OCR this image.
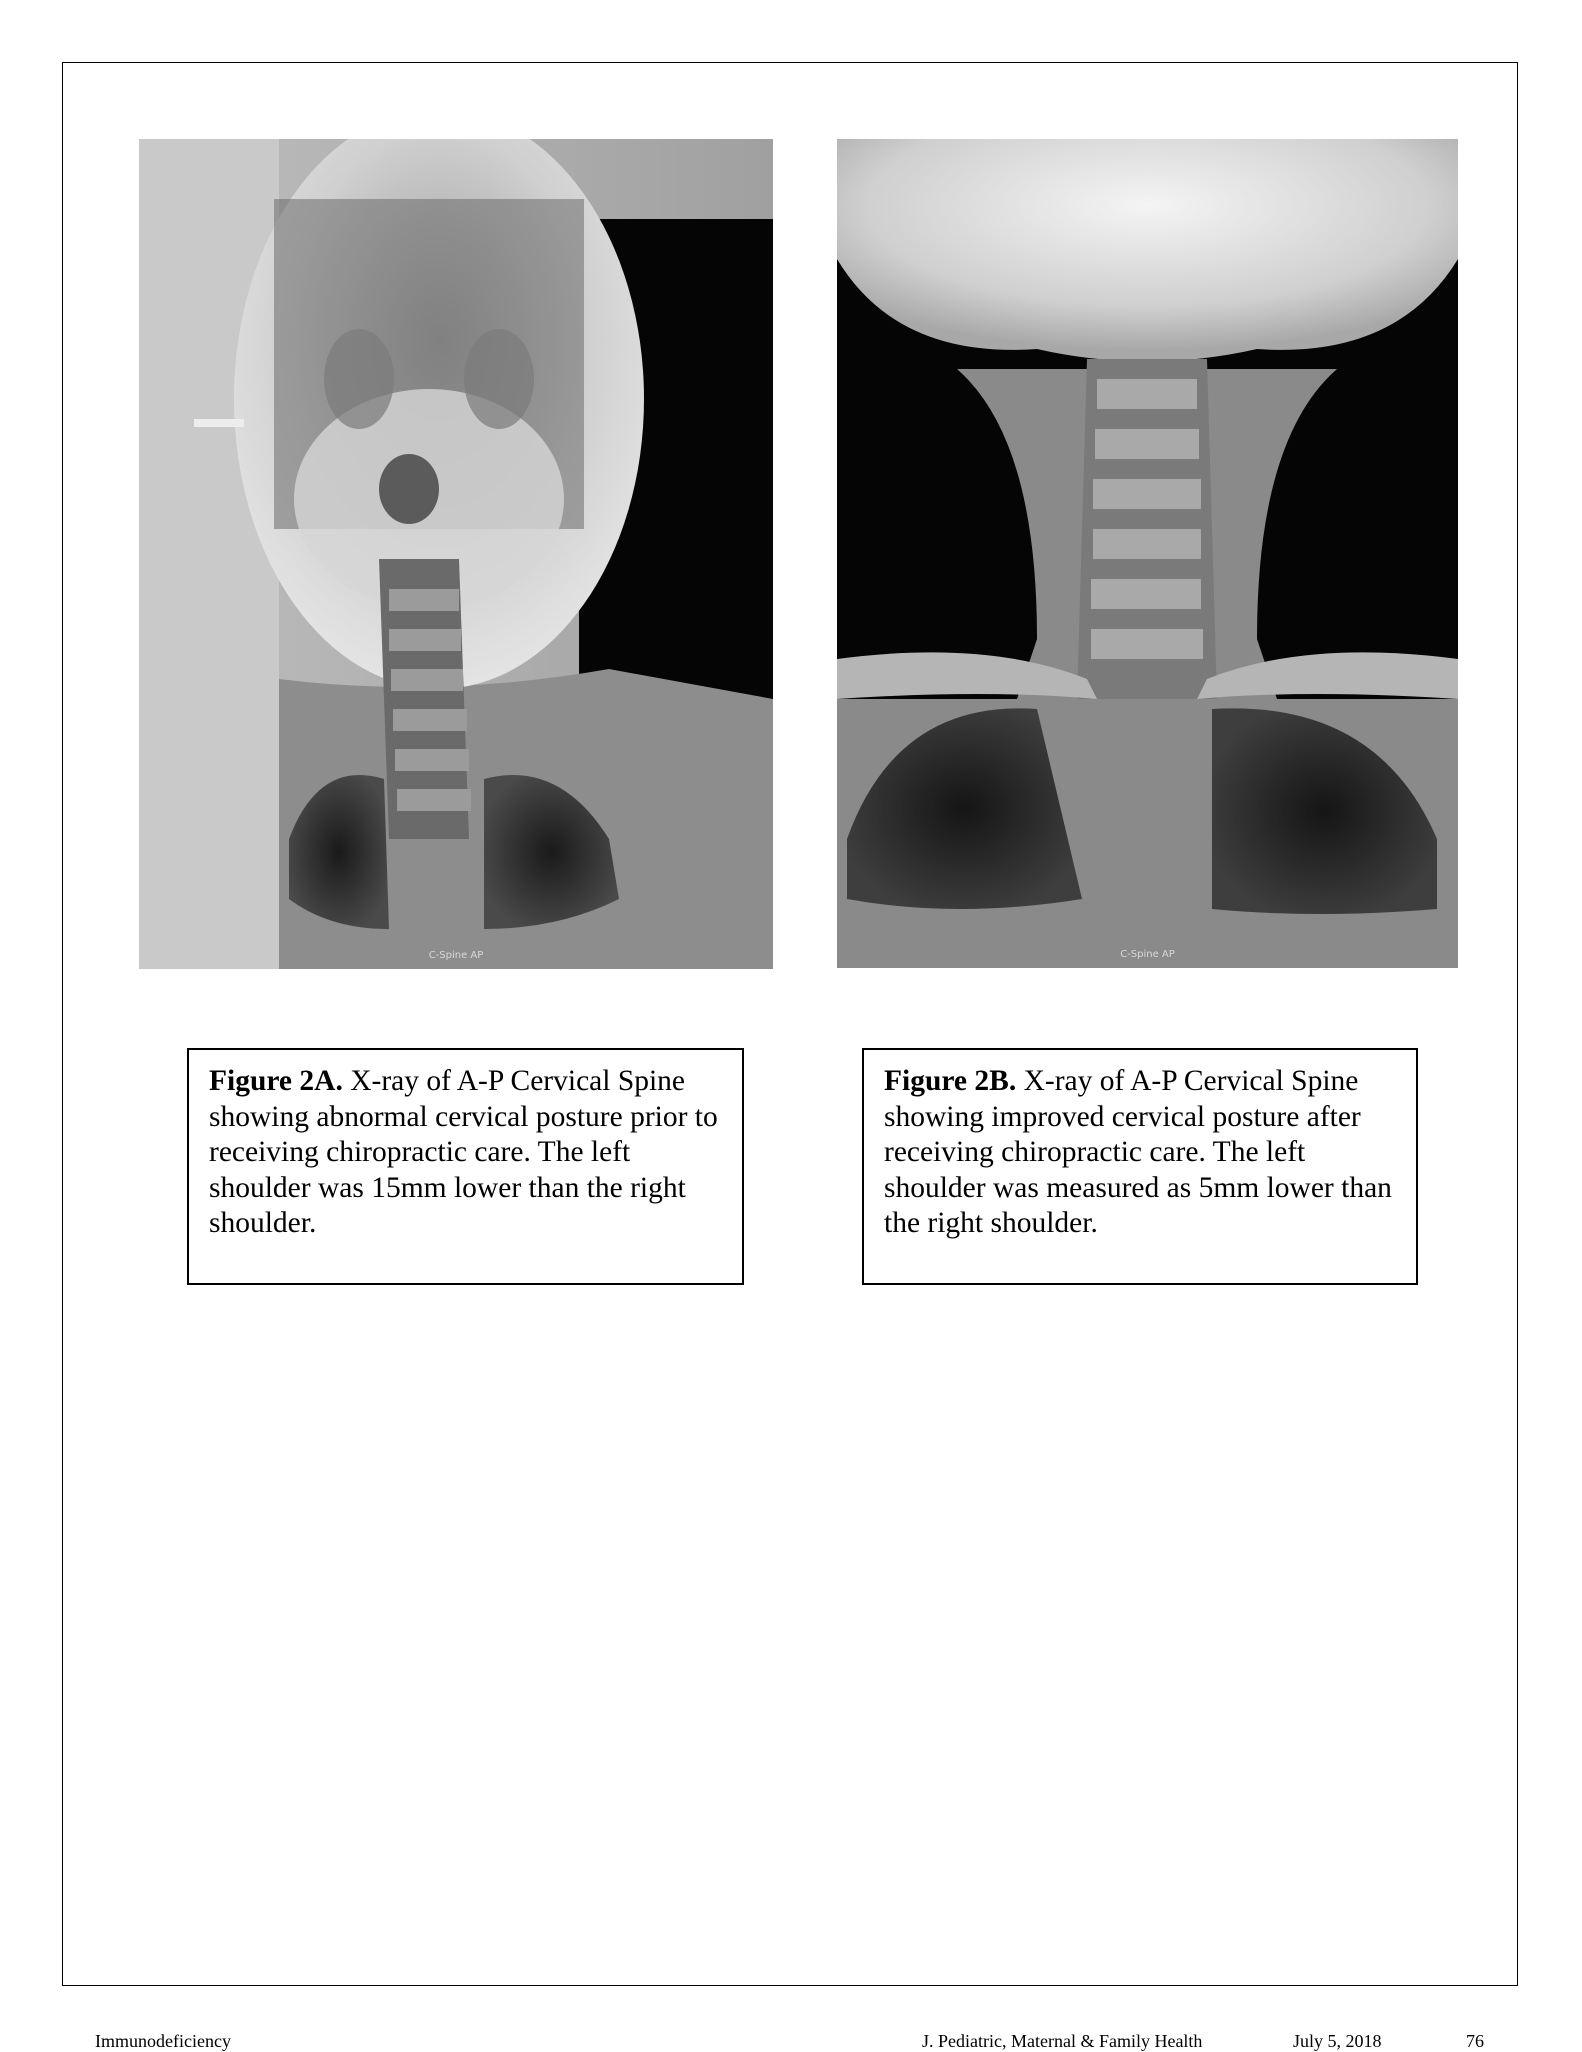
C-Spine AP	C-Spine AP
Figure 2A. X-ray of A-P Cervical Spine showing abnormal cervical posture prior to receiving chiropractic care. The left shoulder was 15mm lower than the right shoulder.
Figure 2B. X-ray of A-P Cervical Spine showing improved cervical posture after receiving chiropractic care. The left shoulder was measured as 5mm lower than the right shoulder.
Immunodeficiency	J. Pediatric, Maternal & Family Health	July 5, 2018	76
